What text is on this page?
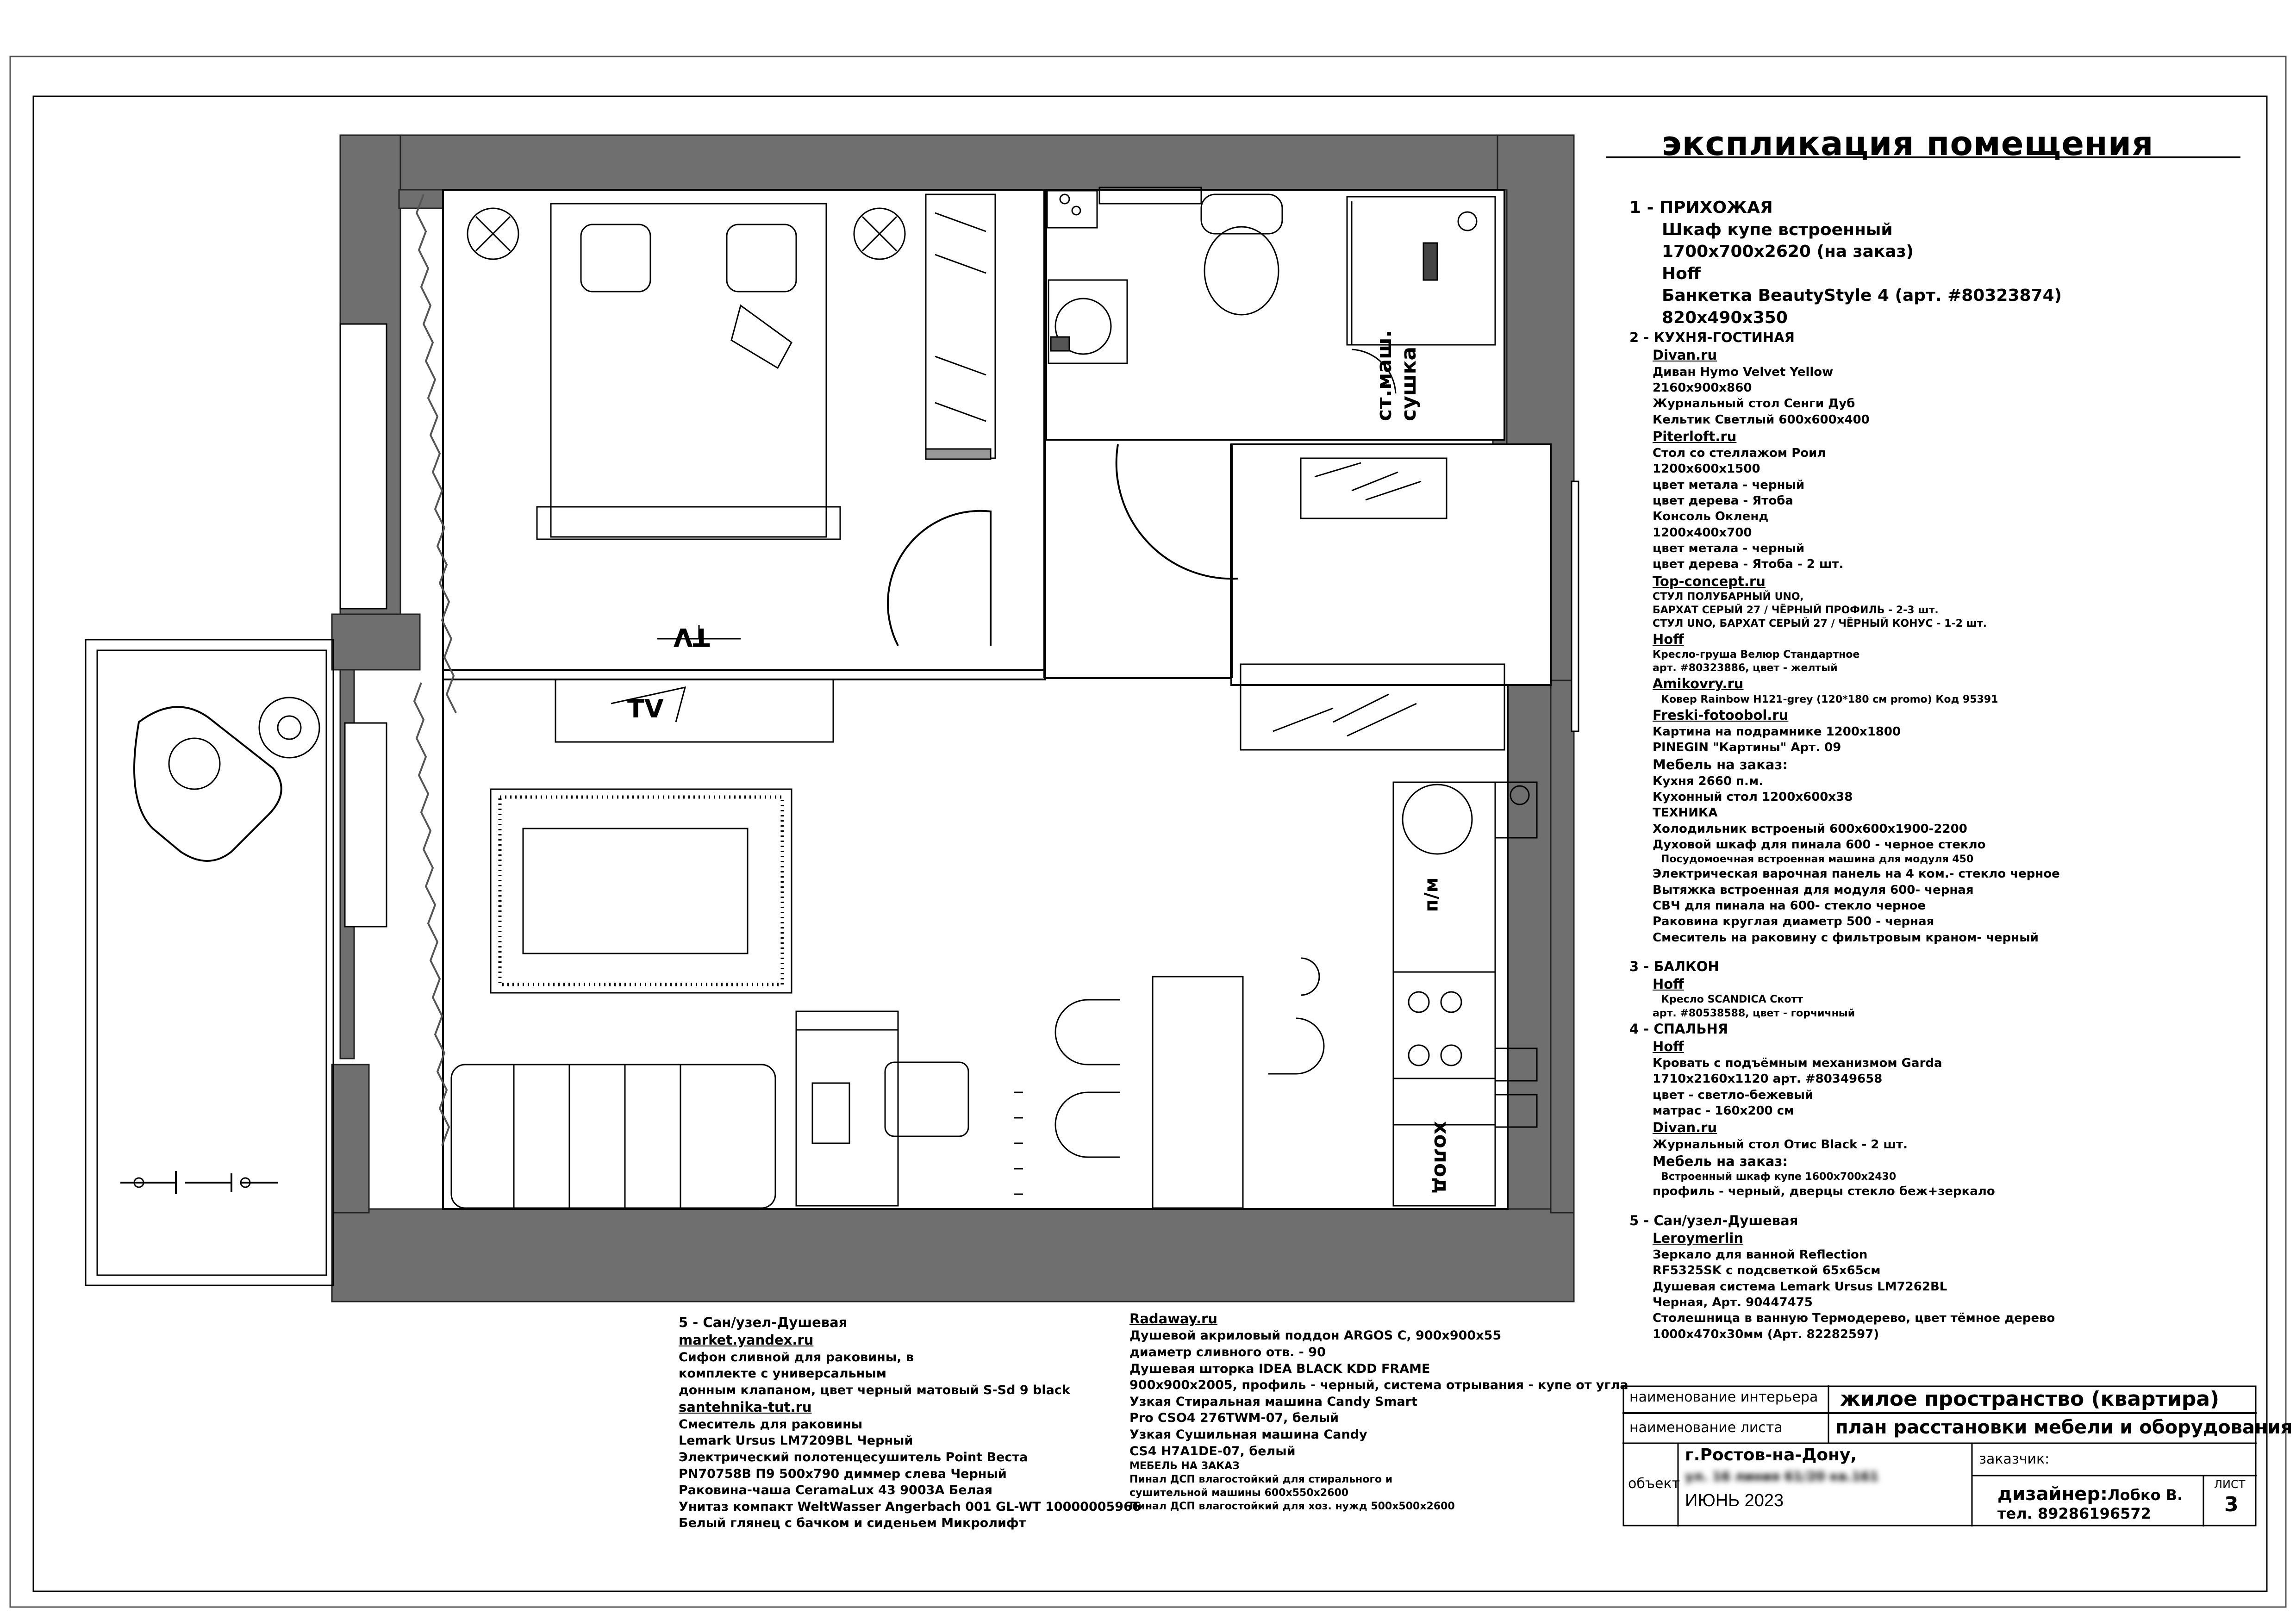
TV
TV
ст.маш. сушка
п/м
холод
экспликация помещения
1 - ПРИХОЖАЯ
Шкаф купе встроенный
1700х700х2620 (на заказ)
Hoff
Банкетка BeautyStyle 4 (арт. #80323874)
820х490х350
2 - КУХНЯ-ГОСТИНАЯ
Divan.ru
Диван Hymo Velvet Yellow
2160х900х860
Журнальный стол Сенги Дуб
Кельтик Светлый 600х600х400
Piterloft.ru
Стол со стеллажом Роил
1200х600х1500
цвет метала - черный
цвет дерева - Ятоба
Консоль Окленд
1200х400х700
цвет метала - черный
цвет дерева - Ятоба - 2 шт.
Top-concept.ru
СТУЛ ПОЛУБАРНЫЙ UNO,
БАРХАТ СЕРЫЙ 27 / ЧЁРНЫЙ ПРОФИЛЬ - 2-3 шт.
СТУЛ UNO, БАРХАТ СЕРЫЙ 27 / ЧЁРНЫЙ КОНУС - 1-2 шт.
Hoff
Кресло-груша Велюр Стандартное
арт. #80323886, цвет - желтый
Amikovry.ru
Ковер Rainbow H121-grey (120*180 см promo) Код 95391
Freski-fotoobol.ru
Картина на подрамнике 1200х1800
PINEGIN "Картины" Арт. 09
Мебель на заказ:
Кухня 2660 п.м.
Кухонный стол 1200х600х38
ТЕХНИКА
Холодильник встроеный 600х600х1900-2200
Духовой шкаф для пинала 600 - черное стекло
Посудомоечная встроенная машина для модуля 450
Электрическая варочная панель на 4 ком.- стекло черное
Вытяжка встроенная для модуля 600- черная
СВЧ для пинала на 600- стекло черное
Раковина круглая диаметр 500 - черная
Смеситель на раковину с фильтровым краном- черный
3 - БАЛКОН
Hoff
Кресло SCANDICA Скотт
арт. #80538588, цвет - горчичный
4 - СПАЛЬНЯ
Hoff
Кровать с подъёмным механизмом Garda
1710х2160х1120 арт. #80349658
цвет - светло-бежевый
матрас - 160х200 см
Divan.ru
Журнальный стол Отис Black - 2 шт.
Мебель на заказ:
Встроенный шкаф купе 1600х700х2430
профиль - черный, дверцы стекло беж+зеркало
5 - Сан/узел-Душевая
Leroymerlin
Зеркало для ванной Reflection
RF5325SK с подсветкой 65х65см
Душевая система Lemark Ursus LM7262BL
Черная, Арт. 90447475
Столешница в ванную Термодерево, цвет тёмное дерево
1000х470х30мм (Арт. 82282597)
5 - Сан/узел-Душевая
market.yandex.ru
Сифон сливной для раковины, в
комплекте с универсальным
донным клапаном, цвет черный матовый S-Sd 9 black
santehnika-tut.ru
Смеситель для раковины
Lemark Ursus LM7209BL Черный
Электрический полотенцесушитель Point Веста
PN70758B П9 500x790 диммер слева Черный
Раковина-чаша CeramaLux 43 9003A Белая
Унитаз компакт WeltWasser Angerbach 001 GL-WT 10000005966
Белый глянец с бачком и сиденьем Микролифт
Radaway.ru
Душевой акриловый поддон ARGOS C, 900х900х55
диаметр сливного отв. - 90
Душевая шторка IDEA BLACK KDD FRAME
900х900х2005, профиль - черный, система отрывания - купе от угла
Узкая Стиральная машина Candy Smart
Pro CSO4 276TWM-07, белый
Узкая Сушильная машина Candy
CS4 H7A1DE-07, белый
МЕБЕЛЬ НА ЗАКАЗ
Пинал ДСП влагостойкий для стирального и
сушительной машины 600х550х2600
Пинал ДСП влагостойкий для хоз. нужд 500х500х2600
наименование интерьера жилое пространство (квартира)
наименование листа	план расстановки мебели и оборудования
объект
г.Ростов-на-Дону,
ул. 16 линия 61/20 кв.161
ИЮНЬ 2023
заказчик:
дизайнер:Лобко В.
тел. 89286196572
ЛИСТ
3
